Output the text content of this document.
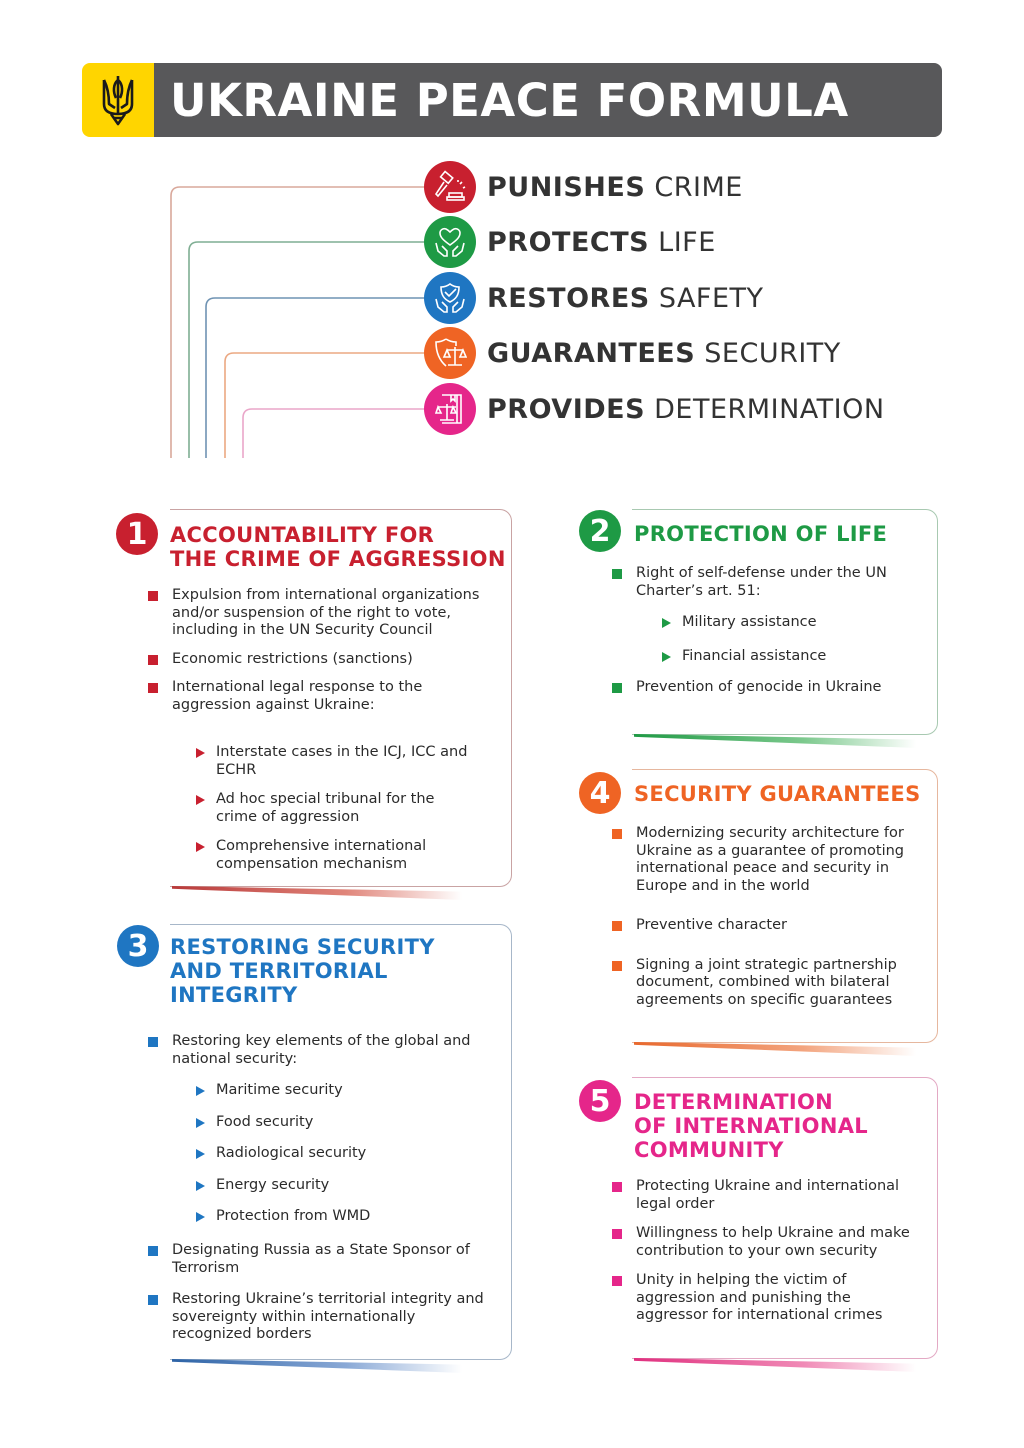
UKRAINE PEACE FORMULA
PUNISHES CRIME
PROTECTS LIFE
RESTORES SAFETY
GUARANTEES SECURITY
PROVIDES DETERMINATION
1	ACCOUNTABILITY FOR
THE CRIME OF AGGRESSION
Expulsion from international organizations and/or suspension of the right to vote, including in the UN Security Council
Economic restrictions (sanctions)
International legal response to the aggression against Ukraine:
Interstate cases in the ICJ, ICC and ECHR
Ad hoc special tribunal for the crime of aggression
Comprehensive international compensation mechanism
2	PROTECTION OF LIFE
Right of self-defense under the UN Charter’s art. 51:
Military assistance
Financial assistance
Prevention of genocide in Ukraine
3	RESTORING SECURITY
AND TERRITORIAL
INTEGRITY
Restoring key elements of the global and national security:
Maritime security
Food security
Radiological security
Energy security
Protection from WMD
Designating Russia as a State Sponsor of Terrorism
Restoring Ukraine’s territorial integrity and sovereignty within internationally recognized borders
4	SECURITY GUARANTEES
Modernizing security architecture for Ukraine as a guarantee of promoting international peace and security in Europe and in the world
Preventive character
Signing a joint strategic partnership document, combined with bilateral agreements on specific guarantees
5	DETERMINATION
OF INTERNATIONAL
COMMUNITY
Protecting Ukraine and international legal order
Willingness to help Ukraine and make contribution to your own security
Unity in helping the victim of aggression and punishing the aggressor for international crimes
